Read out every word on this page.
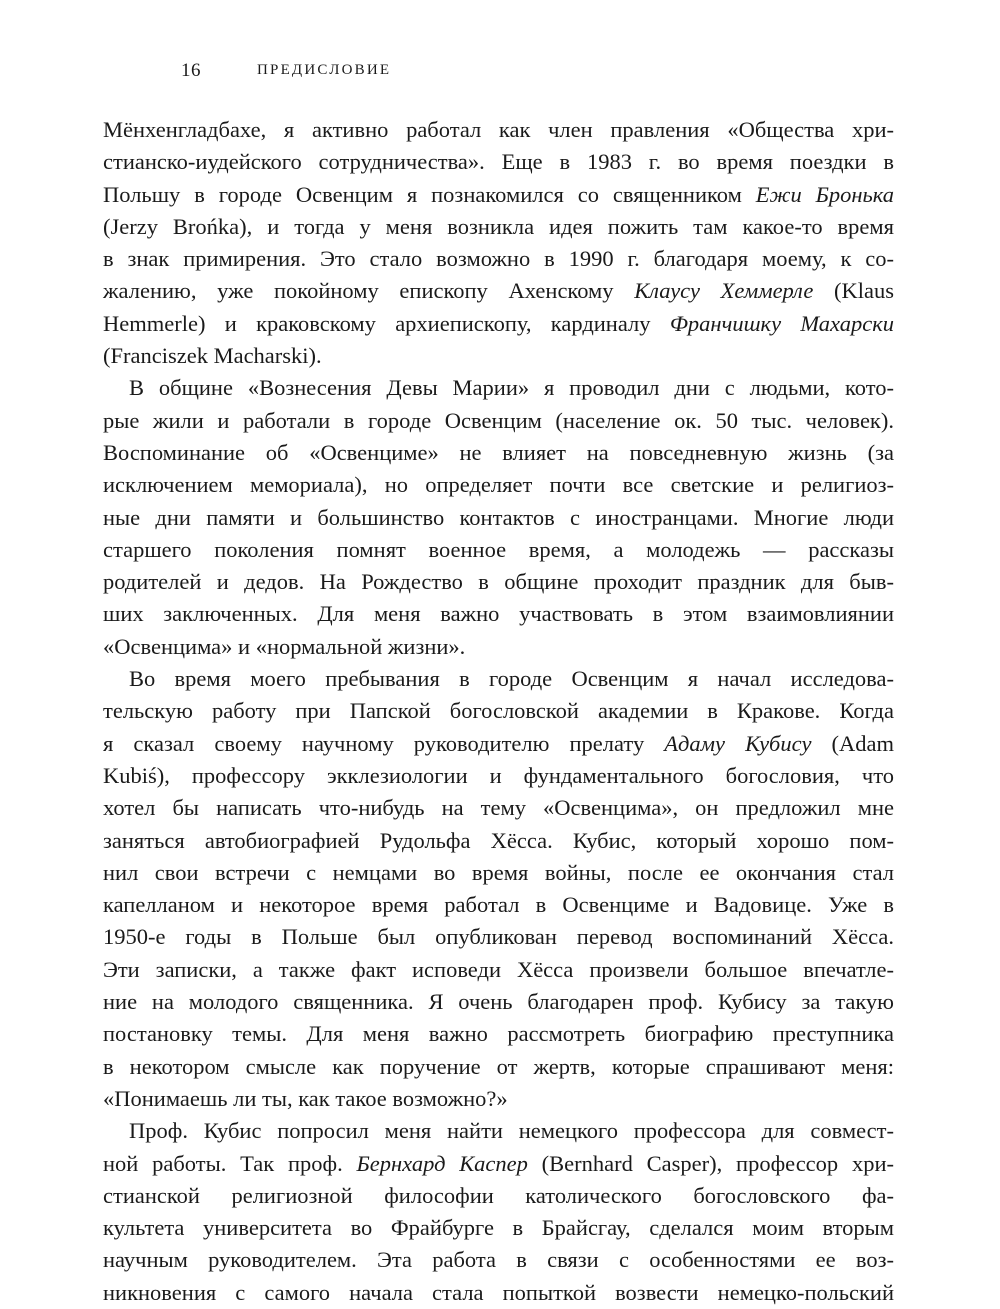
16	ПРЕДИСЛОВИЕ
Мёнхенгладбахе, я активно работал как член правления «Общества хри-
стианско-иудейского сотрудничества». Еще в 1983 г. во время поездки в
Польшу в городе Освенцим я познакомился со священником Ежи Бронька
(Jerzy Brońka), и тогда у меня возникла идея пожить там какое-то время
в знак примирения. Это стало возможно в 1990 г. благодаря моему, к со-
жалению, уже покойному епископу Ахенскому Клаусу Хеммерле (Klaus
Hemmerle) и краковскому архиепископу, кардиналу Франчишку Махарски
(Franciszek Macharski).
В общине «Вознесения Девы Марии» я проводил дни с людьми, кото-
рые жили и работали в городе Освенцим (население ок. 50 тыс. человек).
Воспоминание об «Освенциме» не влияет на повседневную жизнь (за
исключением мемориала), но определяет почти все светские и религиоз-
ные дни памяти и большинство контактов с иностранцами. Многие люди
старшего поколения помнят военное время, а молодежь — рассказы
родителей и дедов. На Рождество в общине проходит праздник для быв-
ших заключенных. Для меня важно участвовать в этом взаимовлиянии
«Освенцима» и «нормальной жизни».
Во время моего пребывания в городе Освенцим я начал исследова-
тельскую работу при Папской богословской академии в Кракове. Когда
я сказал своему научному руководителю прелату Адаму Кубису (Adam
Kubiś), профессору экклезиологии и фундаментального богословия, что
хотел бы написать что-нибудь на тему «Освенцима», он предложил мне
заняться автобиографией Рудольфа Хёсса. Кубис, который хорошо пом-
нил свои встречи с немцами во время войны, после ее окончания стал
капелланом и некоторое время работал в Освенциме и Вадовице. Уже в
1950-е годы в Польше был опубликован перевод воспоминаний Хёсса.
Эти записки, а также факт исповеди Хёсса произвели большое впечатле-
ние на молодого священника. Я очень благодарен проф. Кубису за такую
постановку темы. Для меня важно рассмотреть биографию преступника
в некотором смысле как поручение от жертв, которые спрашивают меня:
«Понимаешь ли ты, как такое возможно?»
Проф. Кубис попросил меня найти немецкого профессора для совмест-
ной работы. Так проф. Бернхард Каспер (Bernhard Casper), профессор хри-
стианской религиозной философии католического богословского фа-
культета университета во Фрайбурге в Брайсгау, сделался моим вторым
научным руководителем. Эта работа в связи с особенностями ее воз-
никновения с самого начала стала попыткой возвести немецко-польский
